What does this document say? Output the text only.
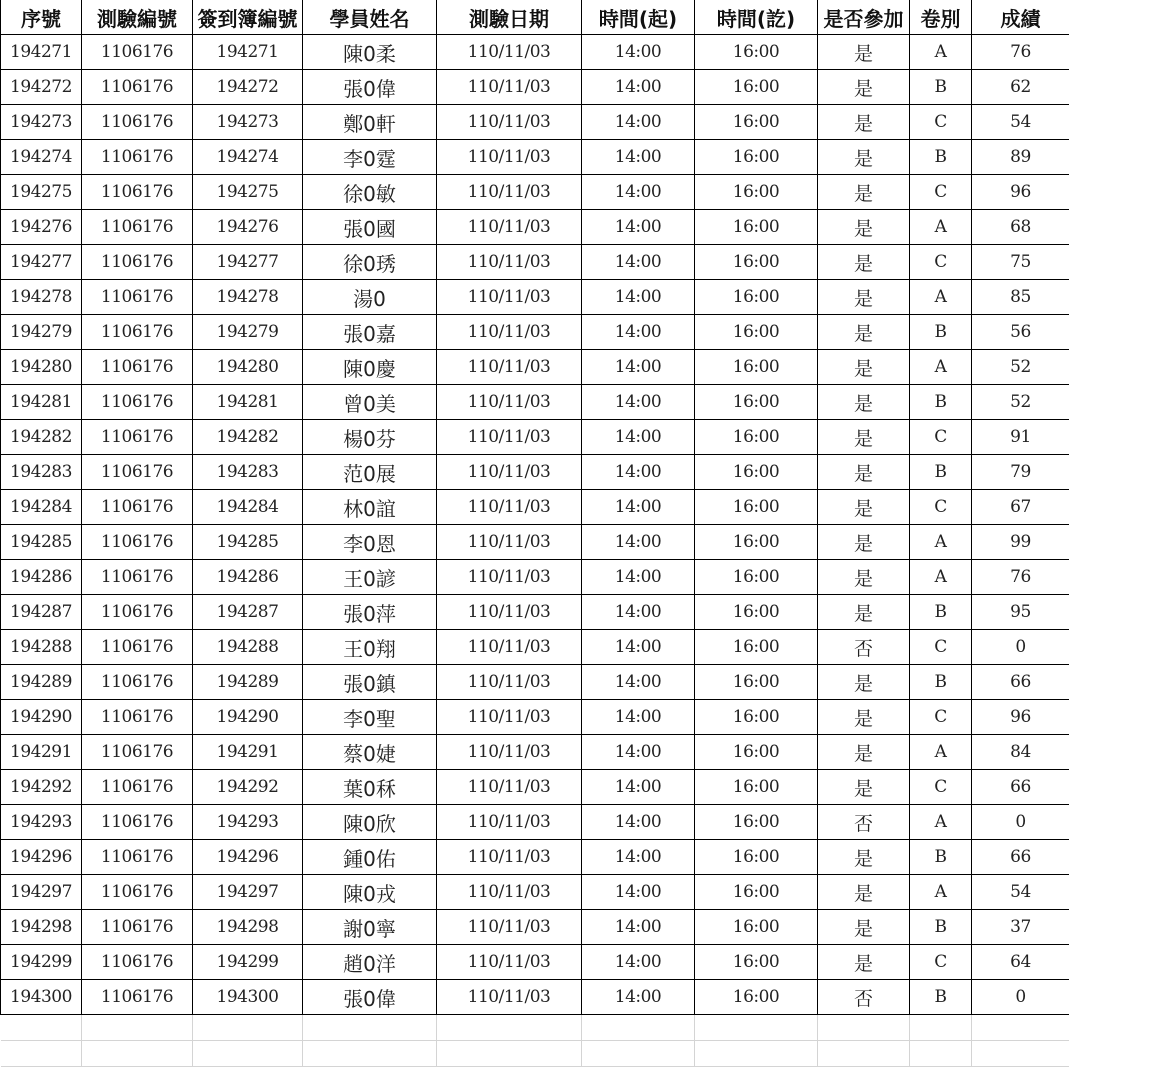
序號	測驗編號	簽到簿編號	學員姓名	測驗日期	時間(起)	時間(訖)	是否參加	卷別	成績
194271	1106176	194271	陳0柔	110/11/03	14:00	16:00	是	A	76
194272	1106176	194272	張0偉	110/11/03	14:00	16:00	是	B	62
194273	1106176	194273	鄭0軒	110/11/03	14:00	16:00	是	C	54
194274	1106176	194274	李0霆	110/11/03	14:00	16:00	是	B	89
194275	1106176	194275	徐0敏	110/11/03	14:00	16:00	是	C	96
194276	1106176	194276	張0國	110/11/03	14:00	16:00	是	A	68
194277	1106176	194277	徐0琇	110/11/03	14:00	16:00	是	C	75
194278	1106176	194278	湯0	110/11/03	14:00	16:00	是	A	85
194279	1106176	194279	張0嘉	110/11/03	14:00	16:00	是	B	56
194280	1106176	194280	陳0慶	110/11/03	14:00	16:00	是	A	52
194281	1106176	194281	曾0美	110/11/03	14:00	16:00	是	B	52
194282	1106176	194282	楊0芬	110/11/03	14:00	16:00	是	C	91
194283	1106176	194283	范0展	110/11/03	14:00	16:00	是	B	79
194284	1106176	194284	林0誼	110/11/03	14:00	16:00	是	C	67
194285	1106176	194285	李0恩	110/11/03	14:00	16:00	是	A	99
194286	1106176	194286	王0諺	110/11/03	14:00	16:00	是	A	76
194287	1106176	194287	張0萍	110/11/03	14:00	16:00	是	B	95
194288	1106176	194288	王0翔	110/11/03	14:00	16:00	否	C	0
194289	1106176	194289	張0鎮	110/11/03	14:00	16:00	是	B	66
194290	1106176	194290	李0聖	110/11/03	14:00	16:00	是	C	96
194291	1106176	194291	蔡0婕	110/11/03	14:00	16:00	是	A	84
194292	1106176	194292	葉0秝	110/11/03	14:00	16:00	是	C	66
194293	1106176	194293	陳0欣	110/11/03	14:00	16:00	否	A	0
194296	1106176	194296	鍾0佑	110/11/03	14:00	16:00	是	B	66
194297	1106176	194297	陳0戎	110/11/03	14:00	16:00	是	A	54
194298	1106176	194298	謝0寧	110/11/03	14:00	16:00	是	B	37
194299	1106176	194299	趙0洋	110/11/03	14:00	16:00	是	C	64
194300	1106176	194300	張0偉	110/11/03	14:00	16:00	否	B	0
